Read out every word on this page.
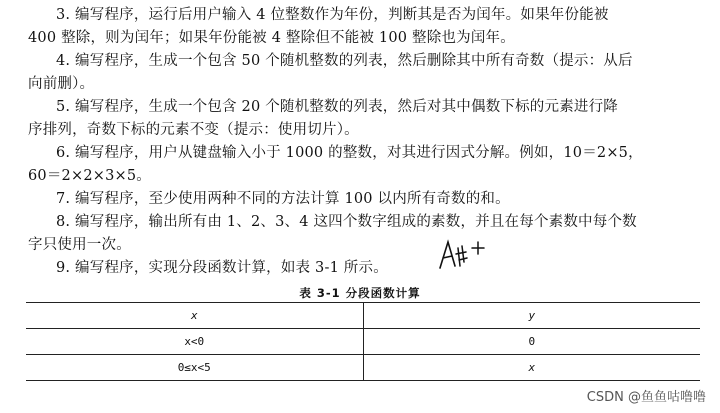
3. 编写程序，运行后用户输入 4 位整数作为年份，判断其是否为闰年。如果年份能被
400 整除，则为闰年；如果年份能被 4 整除但不能被 100 整除也为闰年。
4. 编写程序，生成一个包含 50 个随机整数的列表，然后删除其中所有奇数（提示：从后
向前删）。
5. 编写程序，生成一个包含 20 个随机整数的列表，然后对其中偶数下标的元素进行降
序排列，奇数下标的元素不变（提示：使用切片）。
6. 编写程序，用户从键盘输入小于 1000 的整数，对其进行因式分解。例如，10＝2×5，
60＝2×2×3×5。
7. 编写程序，至少使用两种不同的方法计算 100 以内所有奇数的和。
8. 编写程序，输出所有由 1、2、3、4 这四个数字组成的素数，并且在每个素数中每个数
字只使用一次。
9. 编写程序，实现分段函数计算，如表 3-1 所示。
表 3-1 分段函数计算
x	y
x<0	0
0≤x<5	x
CSDN @鱼鱼咕噜噜
